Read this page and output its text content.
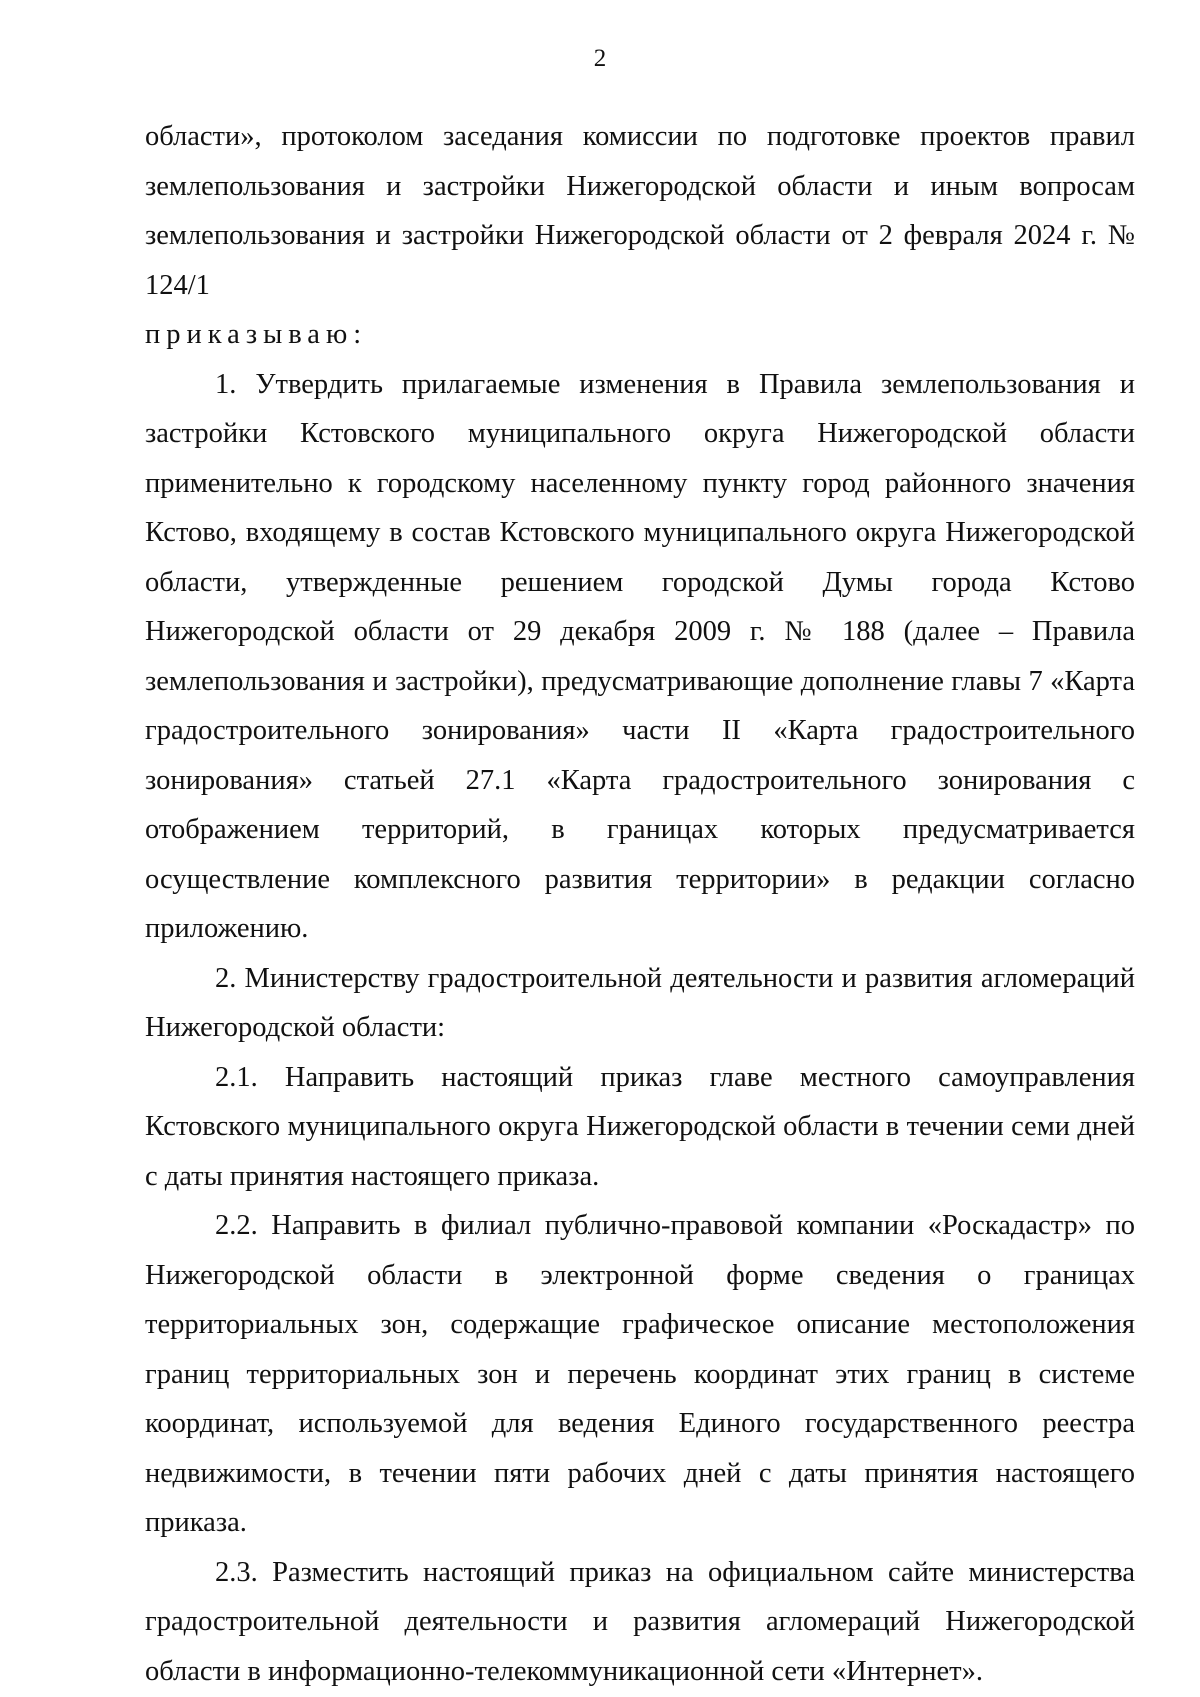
2

области», протоколом заседания комиссии по подготовке проектов правил землепользования и застройки Нижегородской области и иным вопросам землепользования и застройки Нижегородской области от 2 февраля 2024 г. № 124/1

приказываю:

1. Утвердить прилагаемые изменения в Правила землепользования и застройки Кстовского муниципального округа Нижегородской области применительно к городскому населенному пункту город районного значения Кстово, входящему в состав Кстовского муниципального округа Нижегородской области, утвержденные решением городской Думы города Кстово Нижегородской области от 29 декабря 2009 г. № 188 (далее – Правила землепользования и застройки), предусматривающие дополнение главы 7 «Карта градостроительного зонирования» части II «Карта градостроительного зонирования» статьей 27.1 «Карта градостроительного зонирования с отображением территорий, в границах которых предусматривается осуществление комплексного развития территории» в редакции согласно приложению.

2. Министерству градостроительной деятельности и развития агломераций Нижегородской области:

2.1. Направить настоящий приказ главе местного самоуправления Кстовского муниципального округа Нижегородской области в течении семи дней с даты принятия настоящего приказа.

2.2. Направить в филиал публично-правовой компании «Роскадастр» по Нижегородской области в электронной форме сведения о границах территориальных зон, содержащие графическое описание местоположения границ территориальных зон и перечень координат этих границ в системе координат, используемой для ведения Единого государственного реестра недвижимости, в течении пяти рабочих дней с даты принятия настоящего приказа.

2.3. Разместить настоящий приказ на официальном сайте министерства градостроительной деятельности и развития агломераций Нижегородской области в информационно-телекоммуникационной сети «Интернет».
